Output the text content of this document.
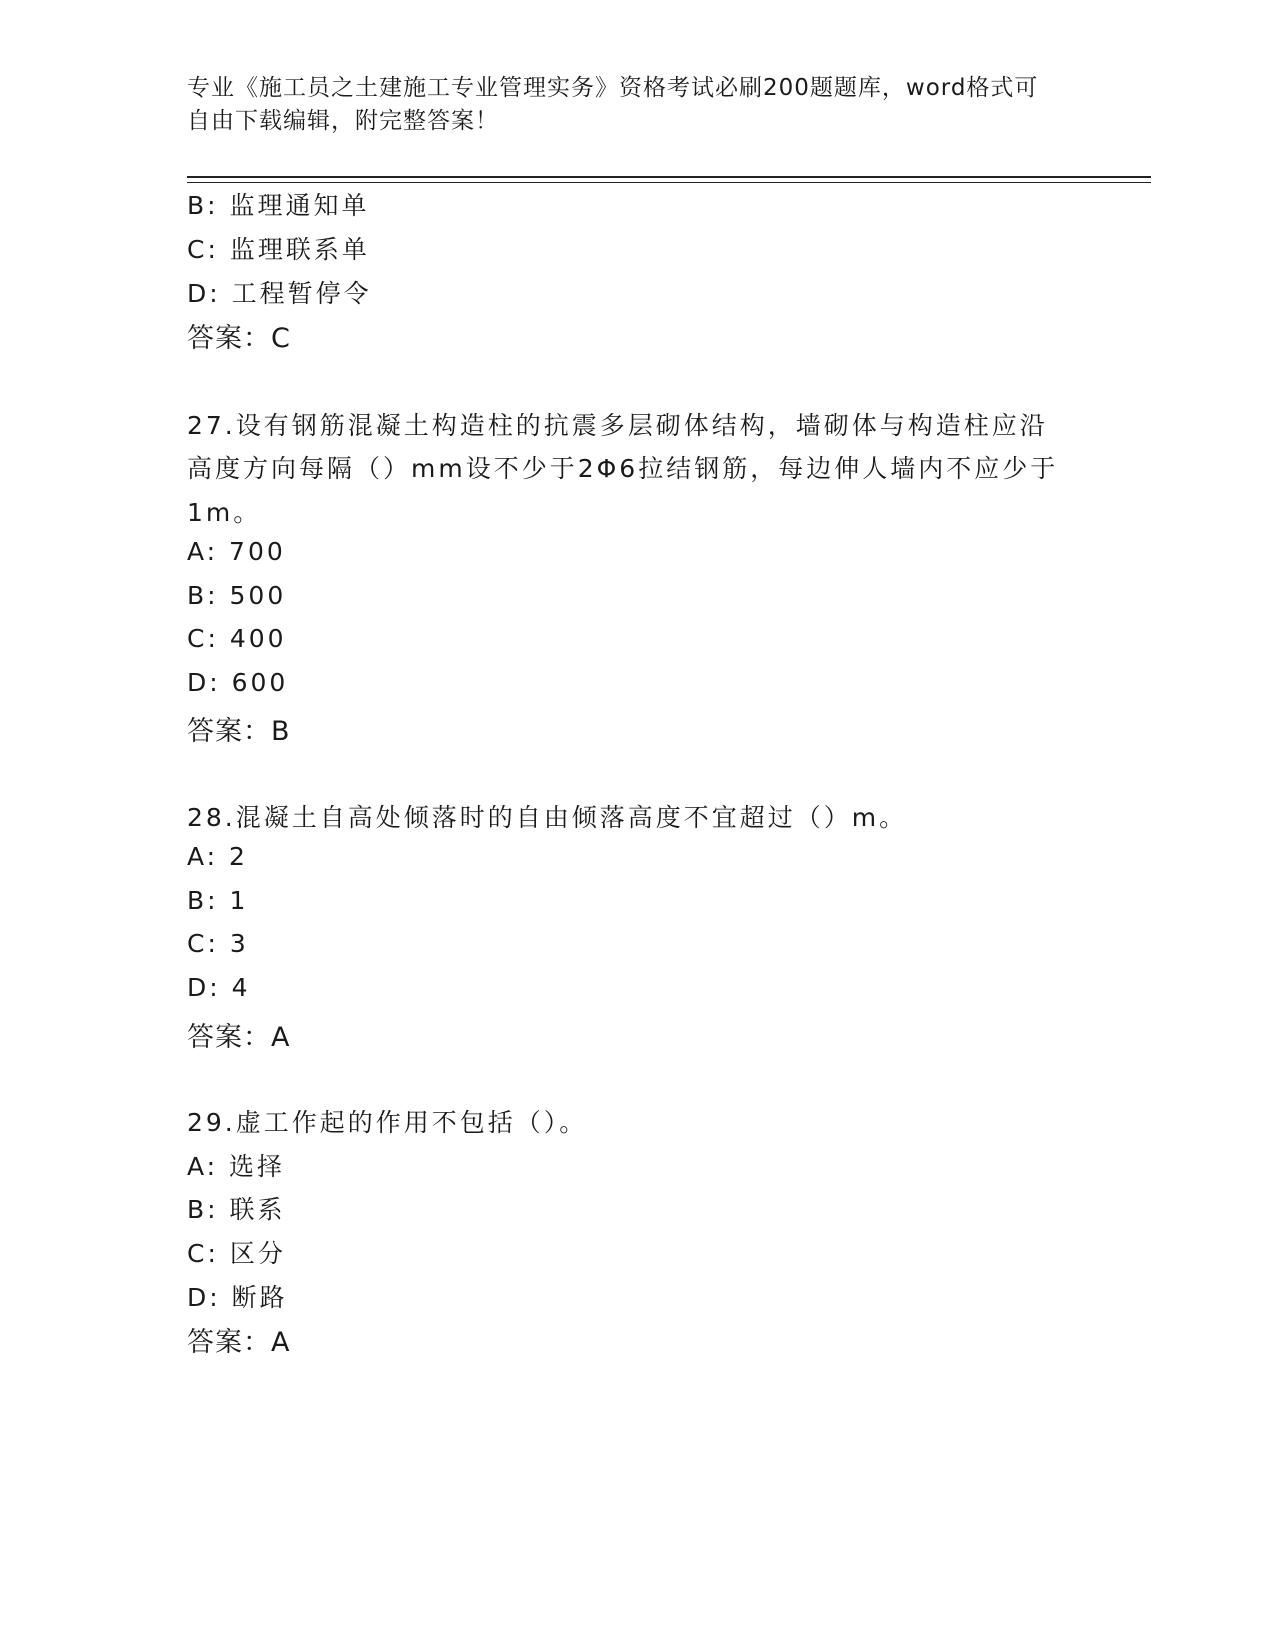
专业《施工员之土建施工专业管理实务》资格考试必刷200题题库，word格式可
自由下载编辑，附完整答案！
B: 监理通知单
C: 监理联系单
D: 工程暂停令
答案：C
27.设有钢筋混凝土构造柱的抗震多层砌体结构，墙砌体与构造柱应沿
高度方向每隔（）mm设不少于2Φ6拉结钢筋，每边伸人墙内不应少于
1m。
A: 700
B: 500
C: 400
D: 600
答案：B
28.混凝土自高处倾落时的自由倾落高度不宜超过（）m。
A: 2
B: 1
C: 3
D: 4
答案：A
29.虚工作起的作用不包括（）。
A: 选择
B: 联系
C: 区分
D: 断路
答案：A
